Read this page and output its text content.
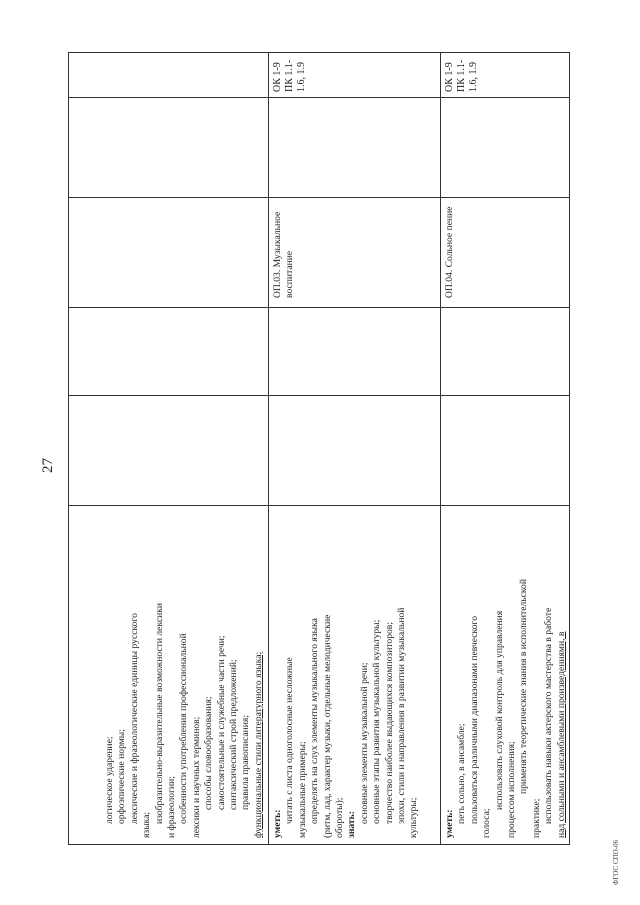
27
логическое ударение; орфоэпические нормы; лексические и фразеологические единицы русского
языка;
изобразительно-выразительные возможности лексики и фразеологии; особенности употребления профессиональной лексики и научных терминов; способы словообразования; самостоятельные и служебные части речи; синтаксический строй предложений; правила правописания; функциональные стили литературного языка; уметь: читать с листа одноголосные несложные музыкальные примеры; определять на слух элементы музыкального языка (ритм, лад, характер музыки, отдельные мелодические обороты); знать:
основные элементы музыкальной речи; основные этапы развития музыкальной культуры; творчество наиболее выдающихся композиторов; эпохи, стили и направления в развитии музыкальной культуры;
ОП.03. Музыкальное воспитание
ОК 1-9 ПК 1.1-1.6, 1.9
уметь: петь сольно, в ансамбле; пользоваться различными диапазонами певческого голоса;
использовать слуховой контроль для управления процессом исполнения; применять теоретические знания в исполнительской
практике; использовать навыки актерского мастерства в работе над сольными и ансамблевыми произведениями, в
ОП.04. Сольное пение
ОК 1-9 ПК 1.1-1.6, 1.9
ФГОС СПО-06
